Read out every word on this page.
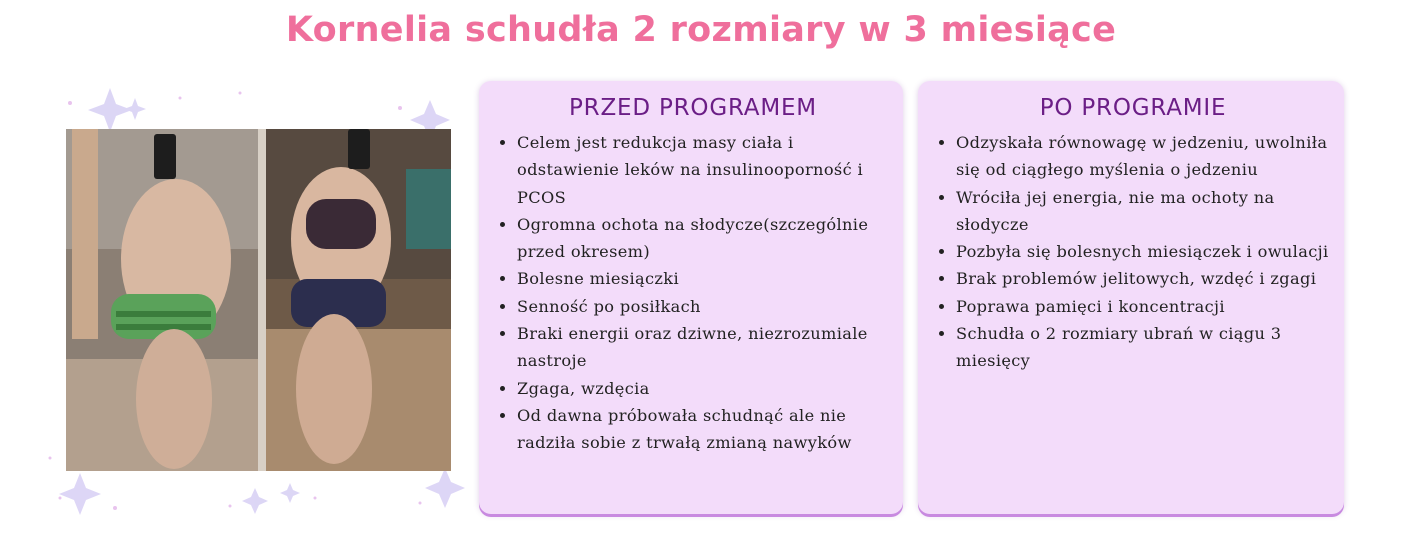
Kornelia schudła 2 rozmiary w 3 miesiące
PRZED PROGRAMEM
• Celem jest redukcja masy ciała i odstawienie leków na insulinooporność i PCOS
• Ogromna ochota na słodycze(szczególnie przed okresem)
• Bolesne miesiączki
• Senność po posiłkach
• Braki energii oraz dziwne, niezrozumiale nastroje
• Zgaga, wzdęcia
• Od dawna próbowała schudnąć ale nie radziła sobie z trwałą zmianą nawyków
PO PROGRAMIE
• Odzyskała równowagę w jedzeniu, uwolniła się od ciągłego myślenia o jedzeniu
• Wróciła jej energia, nie ma ochoty na słodycze
• Pozbyła się bolesnych miesiączek i owulacji
• Brak problemów jelitowych, wzdęć i zgagi
• Poprawa pamięci i koncentracji
• Schudła o 2 rozmiary ubrań w ciągu 3 miesięcy
